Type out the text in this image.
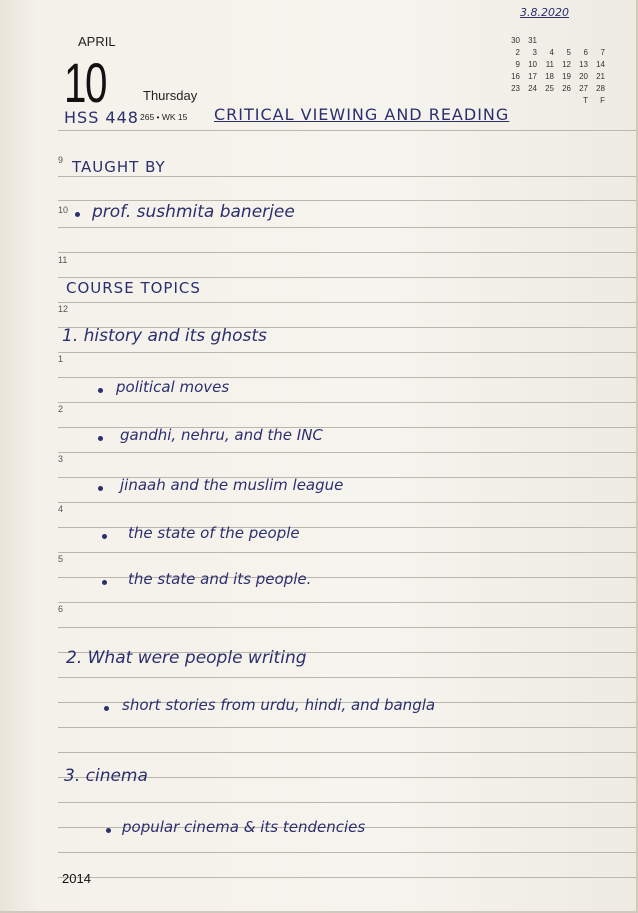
APRIL
10	Thursday
265 • WK 15
30 31
2 3 4 5 6 7
9 10 11 12 13 14
16 17 18 19 20 21
23 24 25 26 27 28
T F
9
10
11
12
1
2
3
4
5
6
2014
3.8.2020
HSS 448	CRITICAL VIEWING AND READING
TAUGHT BY
prof. sushmita banerjee
COURSE TOPICS
1. history and its ghosts
political moves
gandhi, nehru, and the INC
jinaah and the muslim league
the state of the people
the state and its people.
2. What were people writing
short stories from urdu, hindi, and bangla
3. cinema
popular cinema & its tendencies
